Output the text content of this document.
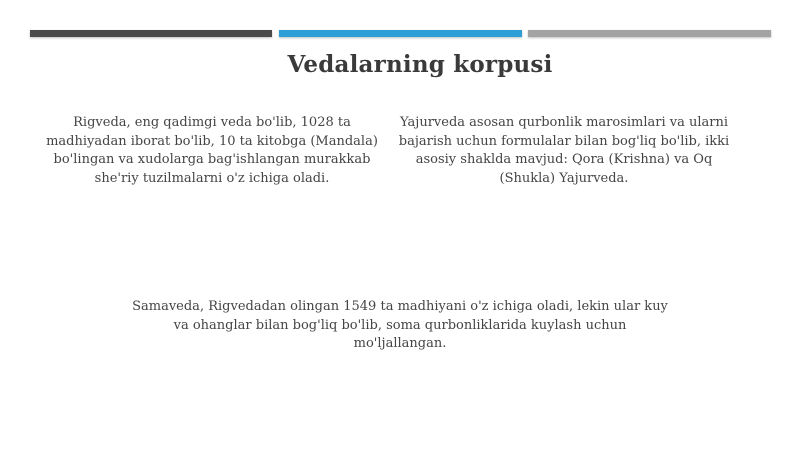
Vedalarning korpusi
Rigveda, eng qadimgi veda bo'lib, 1028 ta madhiyadan iborat bo'lib, 10 ta kitobga (Mandala) bo'lingan va xudolarga bag'ishlangan murakkab she'riy tuzilmalarni o'z ichiga oladi.
Yajurveda asosan qurbonlik marosimlari va ularni bajarish uchun formulalar bilan bog'liq bo'lib, ikki asosiy shaklda mavjud: Qora (Krishna) va Oq (Shukla) Yajurveda.
Samaveda, Rigvedadan olingan 1549 ta madhiyani o'z ichiga oladi, lekin ular kuy va ohanglar bilan bog'liq bo'lib, soma qurbonliklarida kuylash uchun mo'ljallangan.
